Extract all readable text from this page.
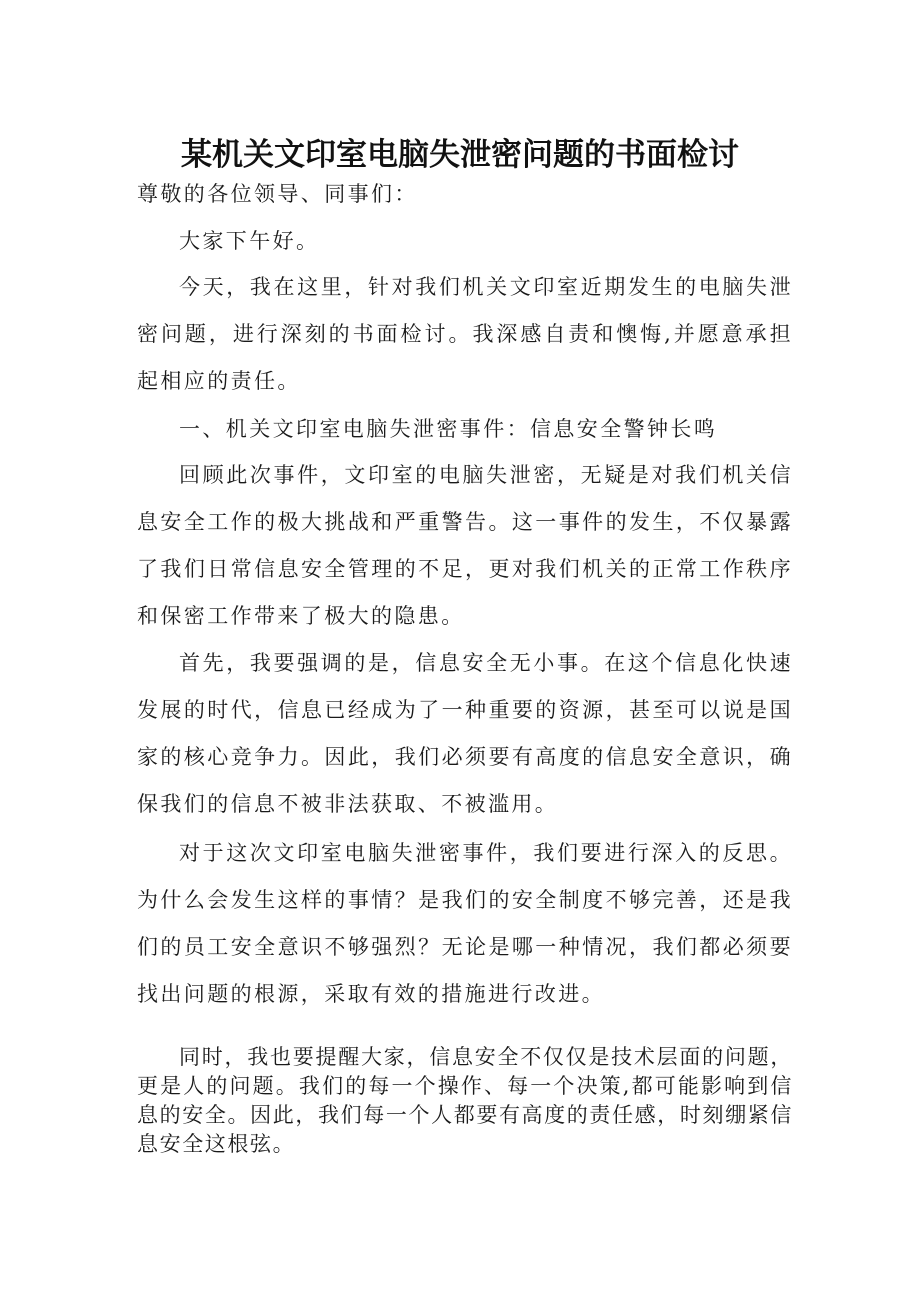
某机关文印室电脑失泄密问题的书面检讨

尊敬的各位领导、同事们：

大家下午好。

今天，我在这里，针对我们机关文印室近期发生的电脑失泄密问题，进行深刻的书面检讨。我深感自责和懊悔,并愿意承担起相应的责任。

一、机关文印室电脑失泄密事件：信息安全警钟长鸣

回顾此次事件，文印室的电脑失泄密，无疑是对我们机关信息安全工作的极大挑战和严重警告。这一事件的发生，不仅暴露了我们日常信息安全管理的不足，更对我们机关的正常工作秩序和保密工作带来了极大的隐患。

首先，我要强调的是，信息安全无小事。在这个信息化快速发展的时代，信息已经成为了一种重要的资源，甚至可以说是国家的核心竞争力。因此，我们必须要有高度的信息安全意识，确保我们的信息不被非法获取、不被滥用。

对于这次文印室电脑失泄密事件，我们要进行深入的反思。为什么会发生这样的事情？是我们的安全制度不够完善，还是我们的员工安全意识不够强烈？无论是哪一种情况，我们都必须要找出问题的根源，采取有效的措施进行改进。

同时，我也要提醒大家，信息安全不仅仅是技术层面的问题，更是人的问题。我们的每一个操作、每一个决策,都可能影响到信息的安全。因此，我们每一个人都要有高度的责任感，时刻绷紧信息安全这根弦。
